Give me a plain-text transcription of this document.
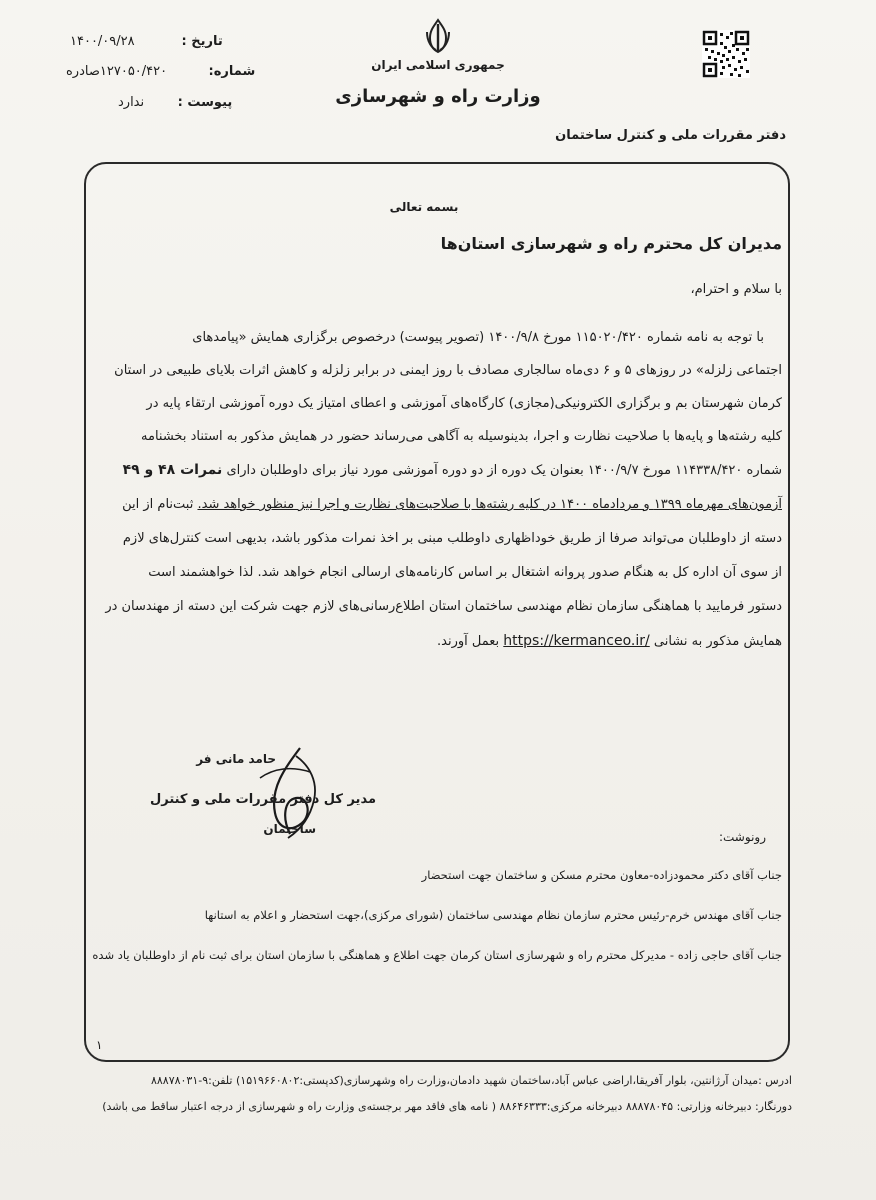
تاریخ : ۱۴۰۰/۰۹/۲۸
شماره: ۱۲۷۰۵۰/۴۲۰صادره
پیوست : ندارد
جمهوری اسلامی ایران
وزارت راه و شهرسازی
دفتر مقررات ملی و کنترل ساختمان
بسمه تعالی
مدیران کل محترم راه و شهرسازی استان‌ها
با سلام و احترام،
با توجه به نامه شماره ۱۱۵۰۲۰/۴۲۰ مورخ ۱۴۰۰/۹/۸ (تصویر پیوست) درخصوص برگزاری همایش «پیامدهای
اجتماعی زلزله» در روزهای ۵ و ۶ دی‌ماه سالجاری مصادف با روز ایمنی در برابر زلزله و کاهش اثرات بلایای طبیعی در استان
کرمان شهرستان بم و برگزاری الکترونیکی(مجازی) کارگاه‌های آموزشی و اعطای امتیاز یک دوره آموزشی ارتقاء پایه در
کلیه رشته‌ها و پایه‌ها با صلاحیت نظارت و اجرا، بدینوسیله به آگاهی می‌رساند حضور در همایش مذکور به استناد بخشنامه
شماره ۱۱۴۳۳۸/۴۲۰ مورخ ۱۴۰۰/۹/۷ بعنوان یک دوره از دو دوره آموزشی مورد نیاز برای داوطلبان دارای نمرات ۴۸ و ۴۹
آزمون‌های مهرماه ۱۳۹۹ و مردادماه ۱۴۰۰ در کلیه رشته‌ها با صلاحیت‌های نظارت و اجرا نیز منظور خواهد شد. ثبت‌نام از این
دسته از داوطلبان می‌تواند صرفا از طریق خوداظهاری داوطلب مبنی بر اخذ نمرات مذکور باشد، بدیهی است کنترل‌های لازم
از سوی آن اداره کل به هنگام صدور پروانه اشتغال بر اساس کارنامه‌های ارسالی انجام خواهد شد. لذا خواهشمند است
دستور فرمایید با هماهنگی سازمان نظام مهندسی ساختمان استان اطلاع‌رسانی‌های لازم جهت شرکت این دسته از مهندسان در
همایش مذکور به نشانی https://kermanceo.ir/ بعمل آورند.
حامد مانی فر
مدیر کل دفتر مقررات ملی و کنترل
ساختمان
رونوشت:
جناب آقای دکتر محمودزاده-معاون محترم مسکن و ساختمان جهت استحضار
جناب آقای مهندس خرم-رئیس محترم سازمان نظام مهندسی ساختمان (شورای مرکزی)،جهت استحضار و اعلام به استانها
جناب آقای حاجی زاده - مدیرکل محترم راه و شهرسازی استان کرمان جهت اطلاع و هماهنگی با سازمان استان برای ثبت نام از داوطلبان یاد شده
۱
ادرس :میدان آرژانتین، بلوار آفریقا،اراضی عباس آباد،ساختمان شهید دادمان،وزارت راه وشهرسازی(کدپستی:۱۵۱۹۶۶۰۸۰۲) تلفن:۹-۸۸۸۷۸۰۳۱
دورنگار: دبیرخانه وزارتی: ۸۸۸۷۸۰۴۵ دبیرخانه مرکزی:۸۸۶۴۶۳۳۳ ( نامه های فاقد مهر برجسته‌ی وزارت راه و شهرسازی از درجه اعتبار ساقط می باشد)
